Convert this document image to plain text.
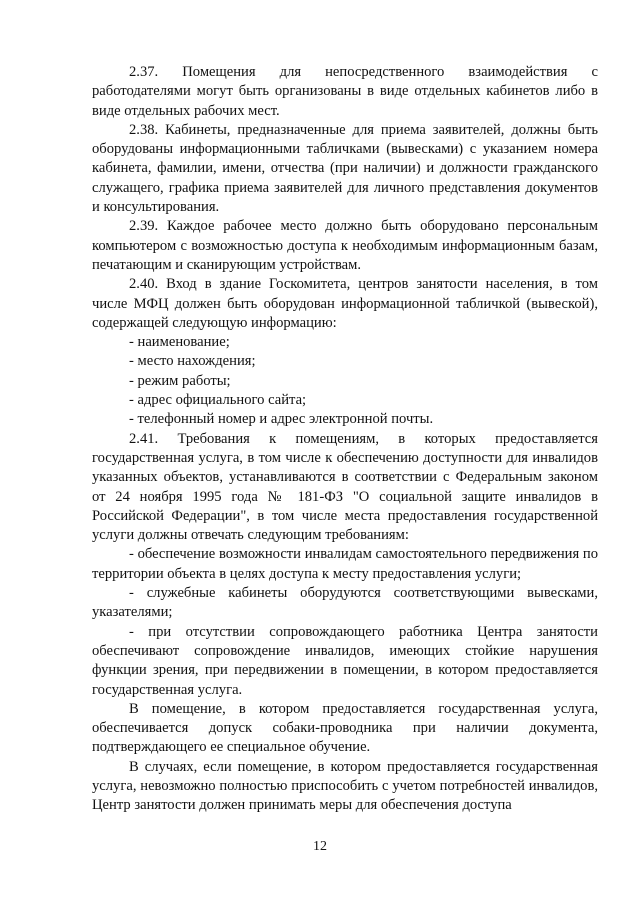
2.37. Помещения для непосредственного взаимодействия с работодателями могут быть организованы в виде отдельных кабинетов либо в виде отдельных рабочих мест.

2.38. Кабинеты, предназначенные для приема заявителей, должны быть оборудованы информационными табличками (вывесками) с указанием номера кабинета, фамилии, имени, отчества (при наличии) и должности гражданского служащего, графика приема заявителей для личного представления документов и консультирования.

2.39. Каждое рабочее место должно быть оборудовано персональным компьютером с возможностью доступа к необходимым информационным базам, печатающим и сканирующим устройствам.

2.40. Вход в здание Госкомитета, центров занятости населения, в том числе МФЦ должен быть оборудован информационной табличкой (вывеской), содержащей следующую информацию:

- наименование;
- место нахождения;
- режим работы;
- адрес официального сайта;
- телефонный номер и адрес электронной почты.

2.41. Требования к помещениям, в которых предоставляется государственная услуга, в том числе к обеспечению доступности для инвалидов указанных объектов, устанавливаются в соответствии с Федеральным законом от 24 ноября 1995 года № 181-ФЗ "О социальной защите инвалидов в Российской Федерации", в том числе места предоставления государственной услуги должны отвечать следующим требованиям:

- обеспечение возможности инвалидам самостоятельного передвижения по территории объекта в целях доступа к месту предоставления услуги;

- служебные кабинеты оборудуются соответствующими вывесками, указателями;

- при отсутствии сопровождающего работника Центра занятости обеспечивают сопровождение инвалидов, имеющих стойкие нарушения функции зрения, при передвижении в помещении, в котором предоставляется государственная услуга.

В помещение, в котором предоставляется государственная услуга, обеспечивается допуск собаки-проводника при наличии документа, подтверждающего ее специальное обучение.

В случаях, если помещение, в котором предоставляется государственная услуга, невозможно полностью приспособить с учетом потребностей инвалидов, Центр занятости должен принимать меры для обеспечения доступа

12
